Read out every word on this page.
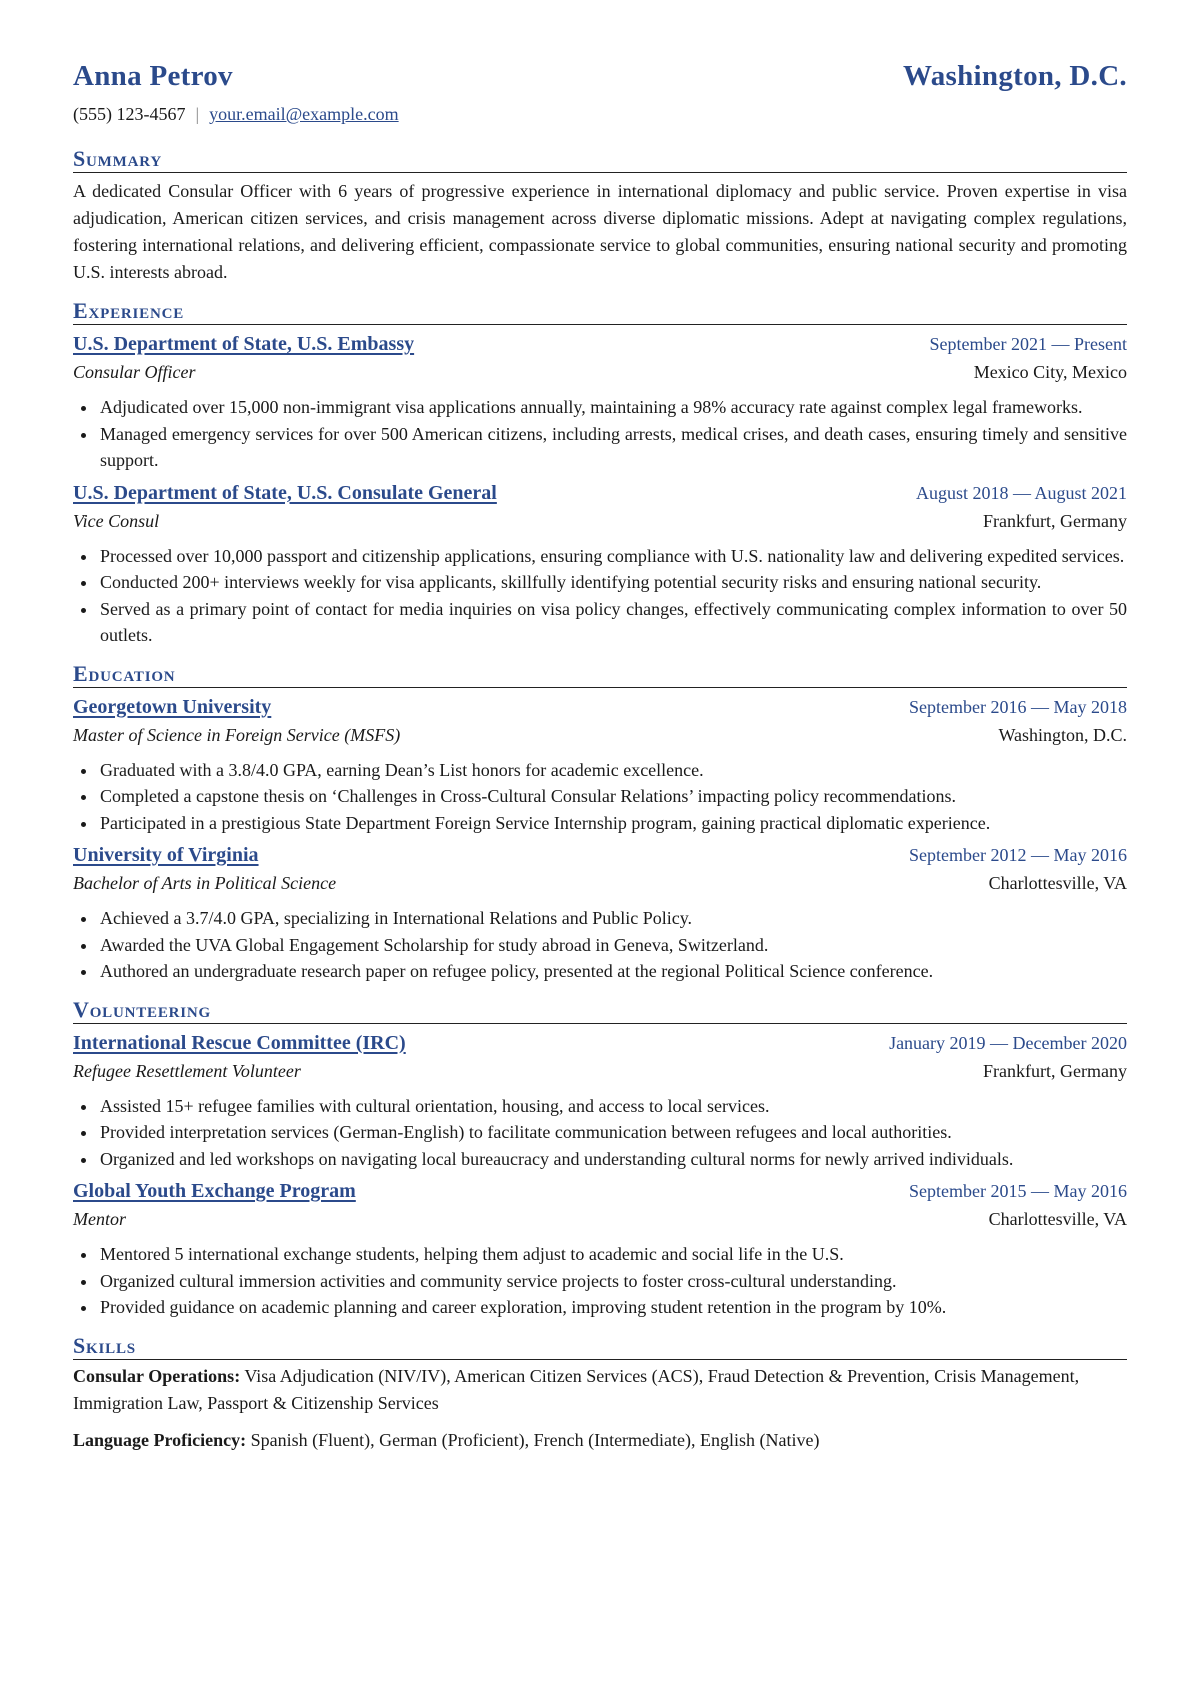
Anna Petrov	Washington, D.C.
(555) 123-4567 | your.email@example.com
Summary
A dedicated Consular Officer with 6 years of progressive experience in international diplomacy and public service. Proven expertise in visa adjudication, American citizen services, and crisis management across diverse diplomatic missions. Adept at navigating complex regulations, fostering international relations, and delivering efficient, compassionate service to global communities, ensuring national security and promoting U.S. interests abroad.
Experience
U.S. Department of State, U.S. Embassy	September 2021 — Present
Consular Officer	Mexico City, Mexico
• Adjudicated over 15,000 non-immigrant visa applications annually, maintaining a 98% accuracy rate against complex legal frameworks.
• Managed emergency services for over 500 American citizens, including arrests, medical crises, and death cases, ensuring timely and sensitive support.
U.S. Department of State, U.S. Consulate General	August 2018 — August 2021
Vice Consul	Frankfurt, Germany
• Processed over 10,000 passport and citizenship applications, ensuring compliance with U.S. nationality law and delivering expedited services.
• Conducted 200+ interviews weekly for visa applicants, skillfully identifying potential security risks and ensuring national security.
• Served as a primary point of contact for media inquiries on visa policy changes, effectively communicating complex information to over 50 outlets.
Education
Georgetown University	September 2016 — May 2018
Master of Science in Foreign Service (MSFS)	Washington, D.C.
• Graduated with a 3.8/4.0 GPA, earning Dean’s List honors for academic excellence.
• Completed a capstone thesis on ‘Challenges in Cross-Cultural Consular Relations’ impacting policy recommendations.
• Participated in a prestigious State Department Foreign Service Internship program, gaining practical diplomatic experience.
University of Virginia	September 2012 — May 2016
Bachelor of Arts in Political Science	Charlottesville, VA
• Achieved a 3.7/4.0 GPA, specializing in International Relations and Public Policy.
• Awarded the UVA Global Engagement Scholarship for study abroad in Geneva, Switzerland.
• Authored an undergraduate research paper on refugee policy, presented at the regional Political Science conference.
Volunteering
International Rescue Committee (IRC)	January 2019 — December 2020
Refugee Resettlement Volunteer	Frankfurt, Germany
• Assisted 15+ refugee families with cultural orientation, housing, and access to local services.
• Provided interpretation services (German-English) to facilitate communication between refugees and local authorities.
• Organized and led workshops on navigating local bureaucracy and understanding cultural norms for newly arrived individuals.
Global Youth Exchange Program	September 2015 — May 2016
Mentor	Charlottesville, VA
• Mentored 5 international exchange students, helping them adjust to academic and social life in the U.S.
• Organized cultural immersion activities and community service projects to foster cross-cultural understanding.
• Provided guidance on academic planning and career exploration, improving student retention in the program by 10%.
Skills
Consular Operations: Visa Adjudication (NIV/IV), American Citizen Services (ACS), Fraud Detection & Prevention, Crisis Management, Immigration Law, Passport & Citizenship Services
Language Proficiency: Spanish (Fluent), German (Proficient), French (Intermediate), English (Native)
